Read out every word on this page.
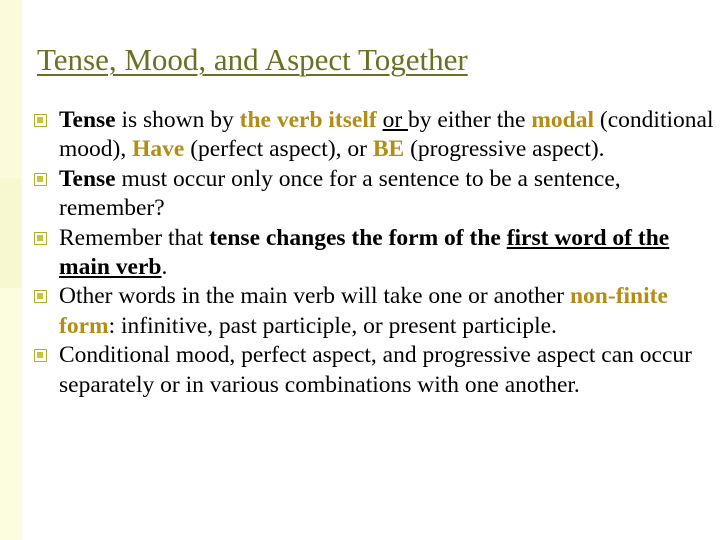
Tense, Mood, and Aspect Together
Tense is shown by the verb itself or by either the modal (conditional mood), Have (perfect aspect), or BE (progressive aspect).
Tense must occur only once for a sentence to be a sentence, remember?
Remember that tense changes the form of the first word of the main verb.
Other words in the main verb will take one or another non-finite form: infinitive, past participle, or present participle.
Conditional mood, perfect aspect, and progressive aspect can occur separately or in various combinations with one another.
